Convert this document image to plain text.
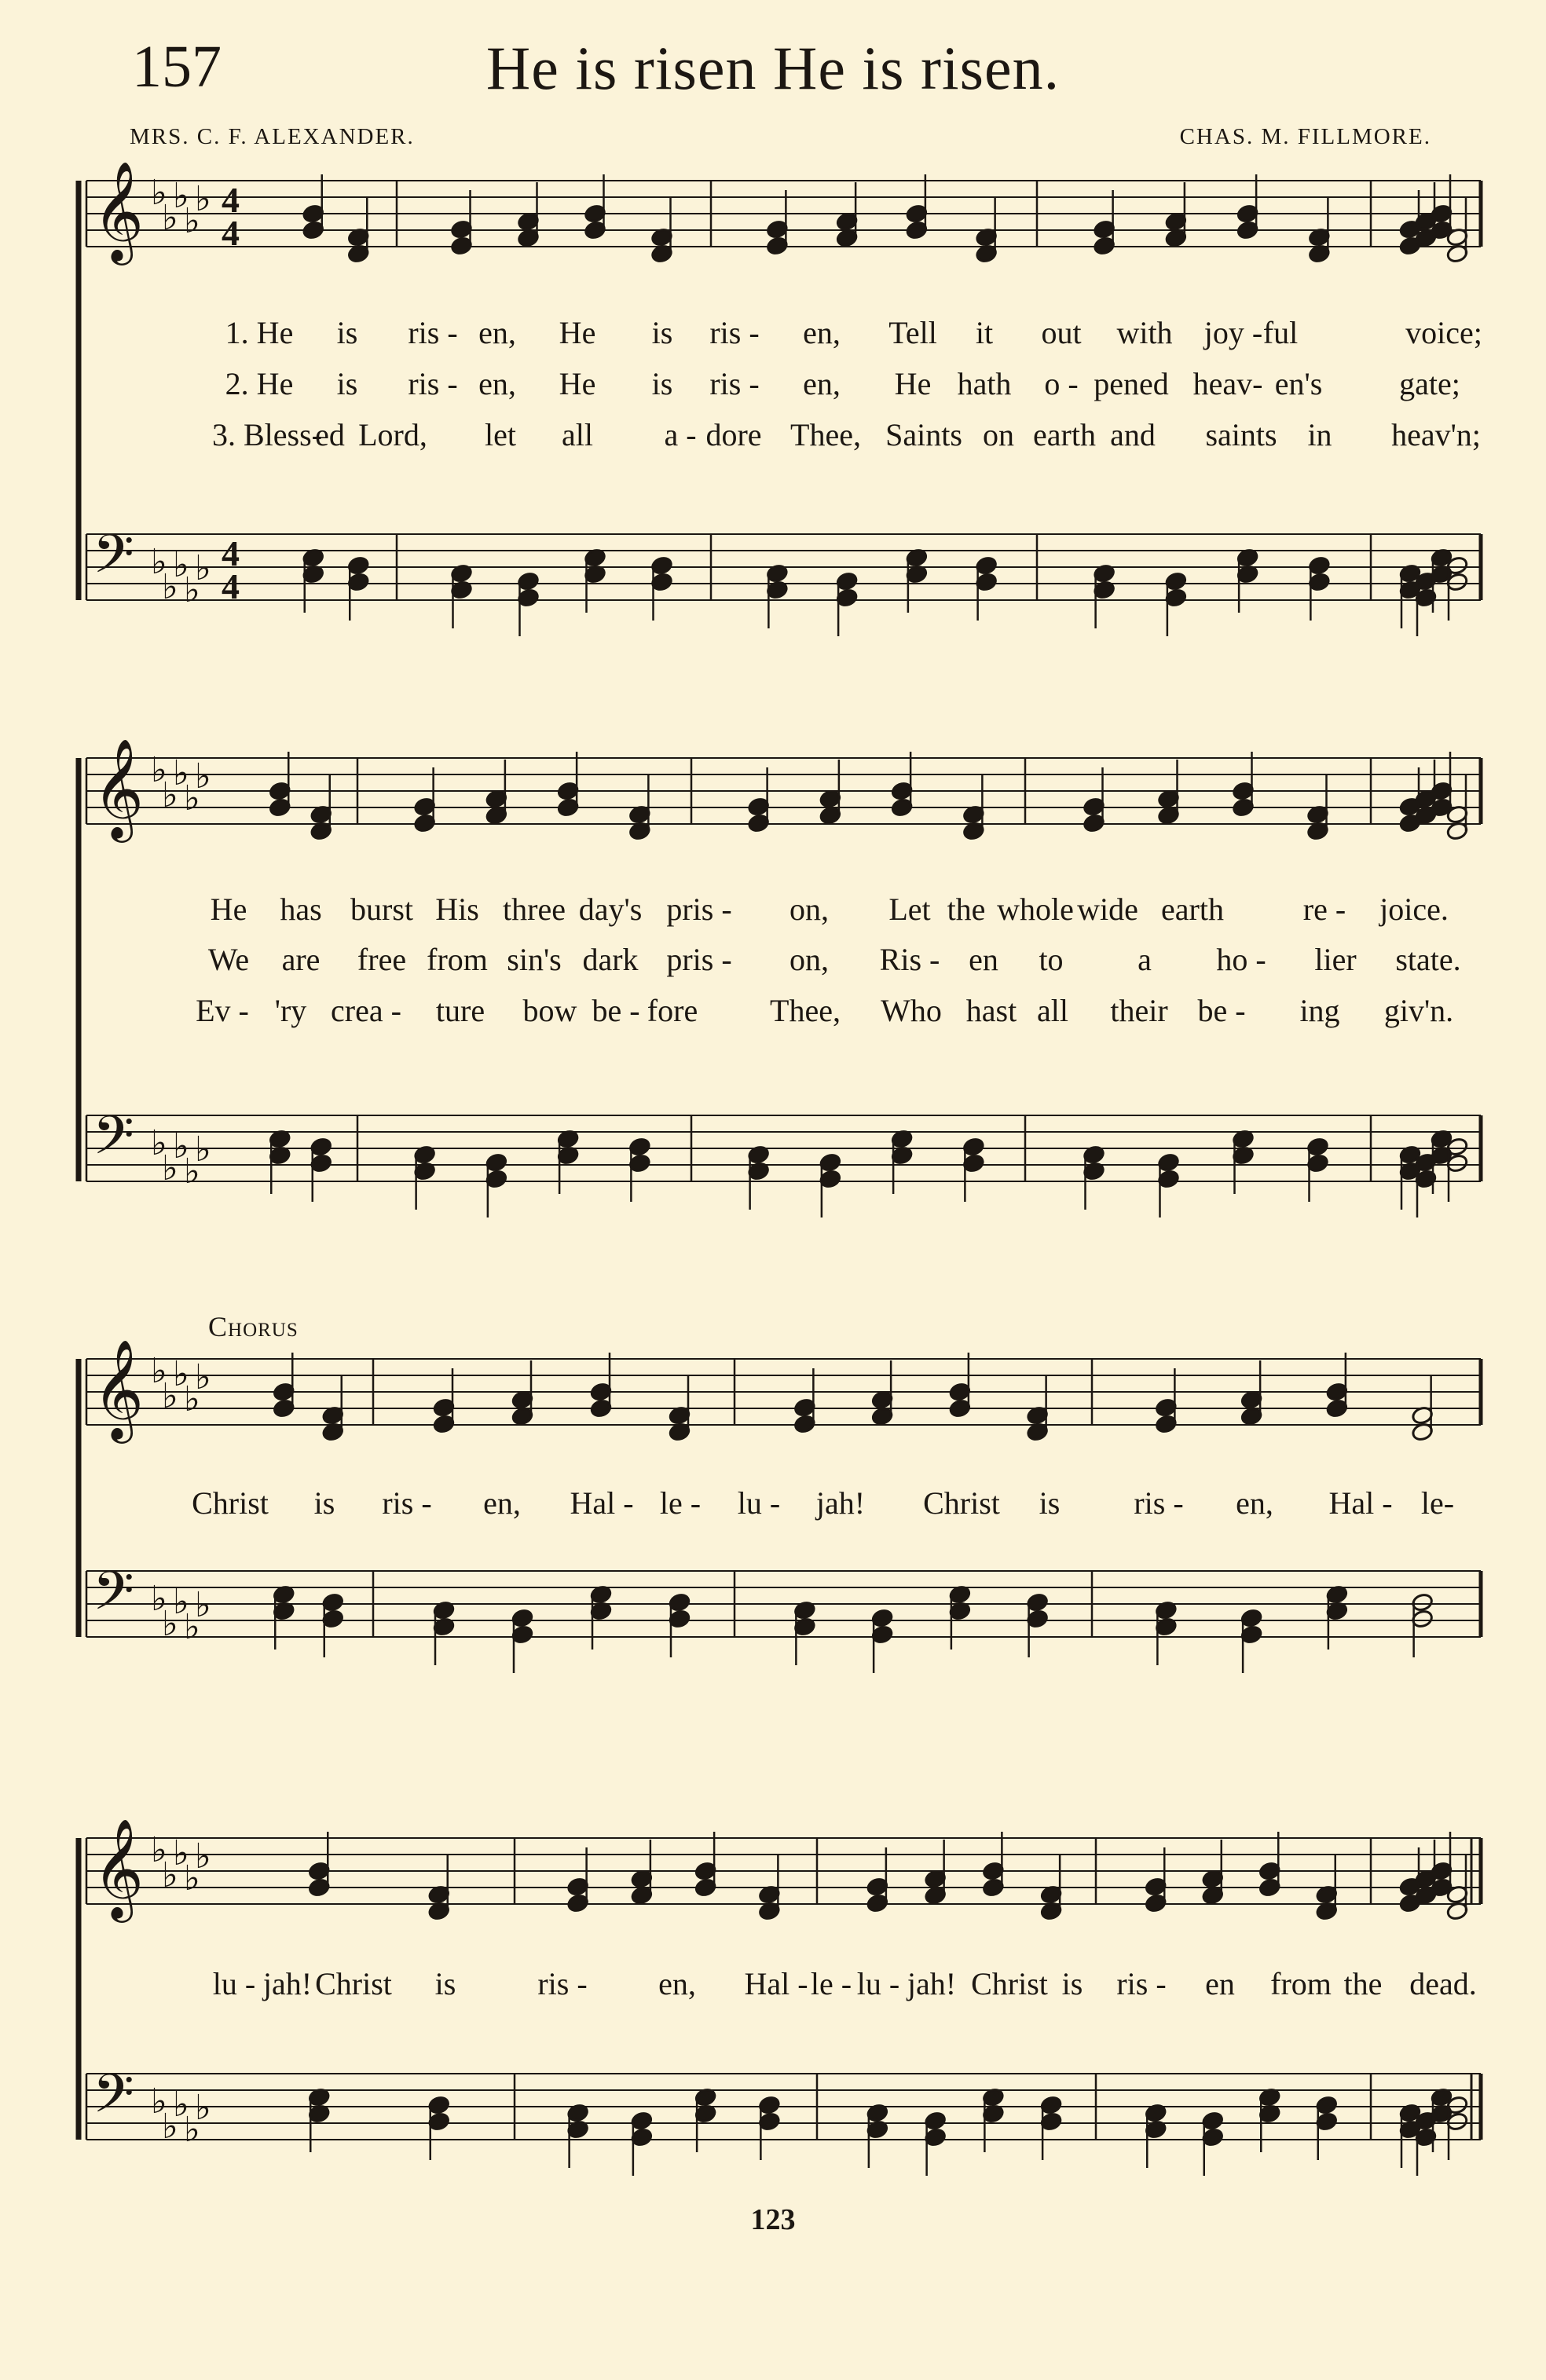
157	He is risen He is risen.
MRS. C. F. ALEXANDER.	CHAS. M. FILLMORE.
𝄞
𝄢
♭
♭
♭
♭
♭
♭
♭
♭
♭
♭
4
4
4
4
𝄞
𝄢
♭
♭
♭
♭
♭
♭
♭
♭
♭
♭
𝄞
𝄢
♭
♭
♭
♭
♭
♭
♭
♭
♭
♭
𝄞
𝄢
♭
♭
♭
♭
♭
♭
♭
♭
♭
♭
Chorus
1. He is ris - en, He is ris - en, Tell it out with joy - ful	voice;
2. He is ris - en, He is ris - en, He hath o - pened heav- en's gate;
3. Bless-
ed Lord, let all a - dore Thee, Saints on earth and saints in heav'n;
He has burst His three day's pris - on, Let the whole wide earth	re - joice.
We are free from sin's dark pris - on, Ris - en to a ho - lier state.
Ev - 'ry crea - ture bow be - fore Thee, Who hast all their be - ing giv'n.
Christ is ris - en, Hal - le - lu - jah! Christ is ris - en, Hal - le-
lu - jah! Christ is	ris - en, Hal - le - lu - jah! Christ is ris - en from the dead.
123
